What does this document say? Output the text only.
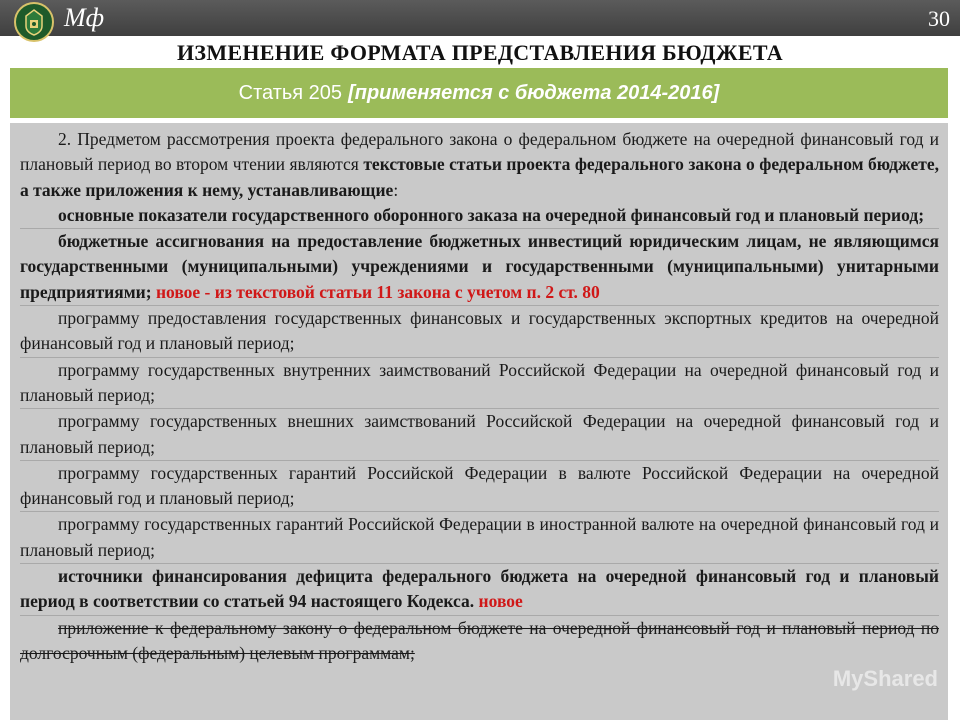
Мф	30
ИЗМЕНЕНИЕ ФОРМАТА ПРЕДСТАВЛЕНИЯ БЮДЖЕТА
Статья 205 [применяется с бюджета 2014-2016]

2. Предметом рассмотрения проекта федерального закона о федеральном бюджете на очередной финансовый год и плановый период во втором чтении являются текстовые статьи проекта федерального закона о федеральном бюджете, а также приложения к нему, устанавливающие:

основные показатели государственного оборонного заказа на очередной финансовый год и плановый период;

бюджетные ассигнования на предоставление бюджетных инвестиций юридическим лицам, не являющимся государственными (муниципальными) учреждениями и государственными (муниципальными) унитарными предприятиями; новое - из текстовой статьи 11 закона с учетом п. 2 ст. 80

программу предоставления государственных финансовых и государственных экспортных кредитов на очередной финансовый год и плановый период;

программу государственных внутренних заимствований Российской Федерации на очередной финансовый год и плановый период;

программу государственных внешних заимствований Российской Федерации на очередной финансовый год и плановый период;

программу государственных гарантий Российской Федерации в валюте Российской Федерации на очередной финансовый год и плановый период;

программу государственных гарантий Российской Федерации в иностранной валюте на очередной финансовый год и плановый период;

источники финансирования дефицита федерального бюджета на очередной финансовый год и плановый период в соответствии со статьей 94 настоящего Кодекса. новое

приложение к федеральному закону о федеральном бюджете на очередной финансовый год и плановый период по долгосрочным (федеральным) целевым программам;

MyShared
